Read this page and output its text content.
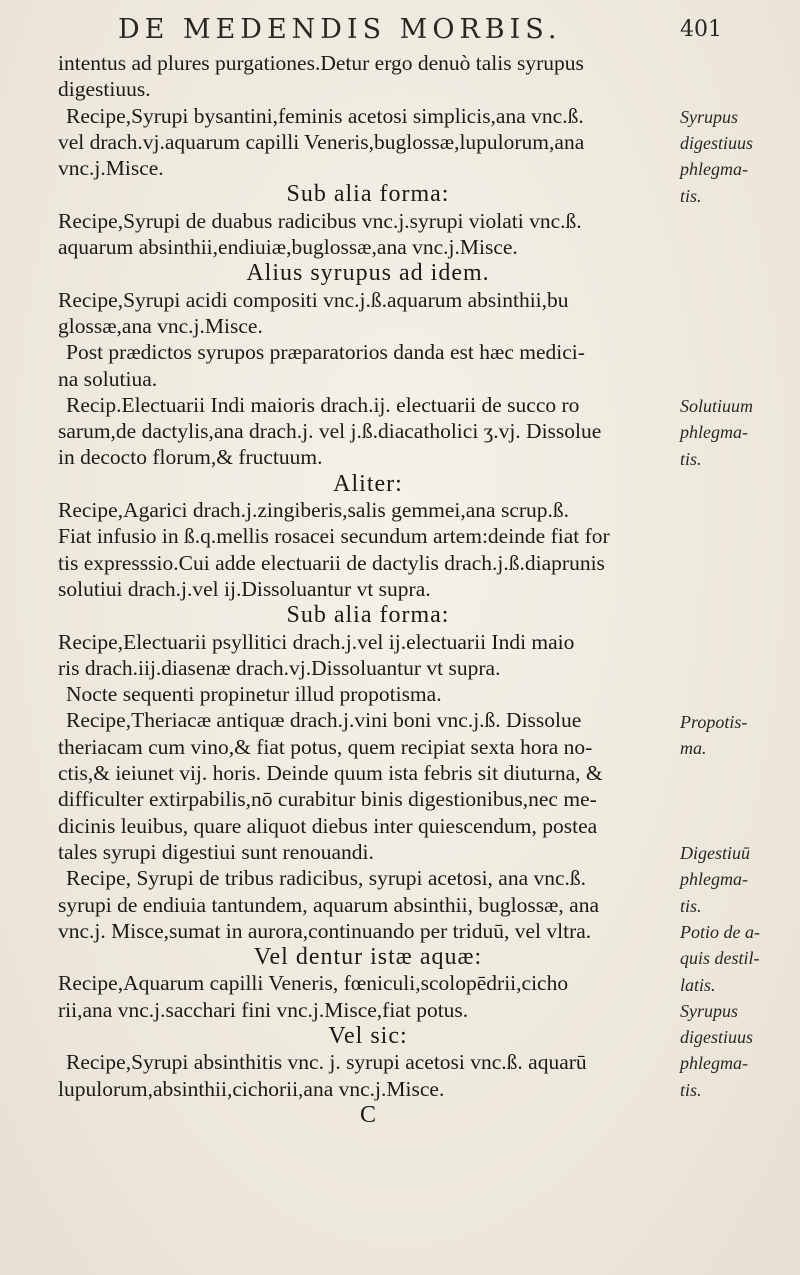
DE MEDENDIS MORBIS.	401
intentus ad plures purgationes.Detur ergo denuò talis syrupus
digestiuus.
Recipe,Syrupi bysantini,feminis acetosi simplicis,ana vnc.ß.
vel drach.vj.aquarum capilli Veneris,buglossæ,lupulorum,ana
vnc.j.Misce.
Sub alia forma:
Recipe,Syrupi de duabus radicibus vnc.j.syrupi violati vnc.ß.
aquarum absinthii,endiuiæ,buglossæ,ana vnc.j.Misce.
Alius syrupus ad idem.
Recipe,Syrupi acidi compositi vnc.j.ß.aquarum absinthii,bu
glossæ,ana vnc.j.Misce.
Post prædictos syrupos præparatorios danda est hæc medici-
na solutiua.
Recip.Electuarii Indi maioris drach.ij. electuarii de succo ro
sarum,de dactylis,ana drach.j. vel j.ß.diacatholici ʒ.vj. Dissolue
in decocto florum,& fructuum.
Aliter:
Recipe,Agarici drach.j.zingiberis,salis gemmei,ana scrup.ß.
Fiat infusio in ß.q.mellis rosacei secundum artem:deinde fiat for
tis expresssio.Cui adde electuarii de dactylis drach.j.ß.diaprunis
solutiui drach.j.vel ij.Dissoluantur vt supra.
Sub alia forma:
Recipe,Electuarii psyllitici drach.j.vel ij.electuarii Indi maio
ris drach.iij.diasenæ drach.vj.Dissoluantur vt supra.
Nocte sequenti propinetur illud propotisma.
Recipe,Theriacæ antiquæ drach.j.vini boni vnc.j.ß. Dissolue
theriacam cum vino,& fiat potus, quem recipiat sexta hora no-
ctis,& ieiunet vij. horis. Deinde quum ista febris sit diuturna, &
difficulter extirpabilis,nō curabitur binis digestionibus,nec me-
dicinis leuibus, quare aliquot diebus inter quiescendum, postea
tales syrupi digestiui sunt renouandi.
Recipe, Syrupi de tribus radicibus, syrupi acetosi, ana vnc.ß.
syrupi de endiuia tantundem, aquarum absinthii, buglossæ, ana
vnc.j. Misce,sumat in aurora,continuando per triduū, vel vltra.
Vel dentur istæ aquæ:
Recipe,Aquarum capilli Veneris, fœniculi,scolopēdrii,cicho
rii,ana vnc.j.sacchari fini vnc.j.Misce,fiat potus.
Vel sic:
Recipe,Syrupi absinthitis vnc. j. syrupi acetosi vnc.ß. aquarū
lupulorum,absinthii,cichorii,ana vnc.j.Misce.
C
Syrupus
digestiuus
phlegma-
tis.
Solutiuum
phlegma-
tis.
Propotis-
ma.
Digestiuū
phlegma-
tis.
Potio de a-
quis destil-
latis.
Syrupus
digestiuus
phlegma-
tis.
